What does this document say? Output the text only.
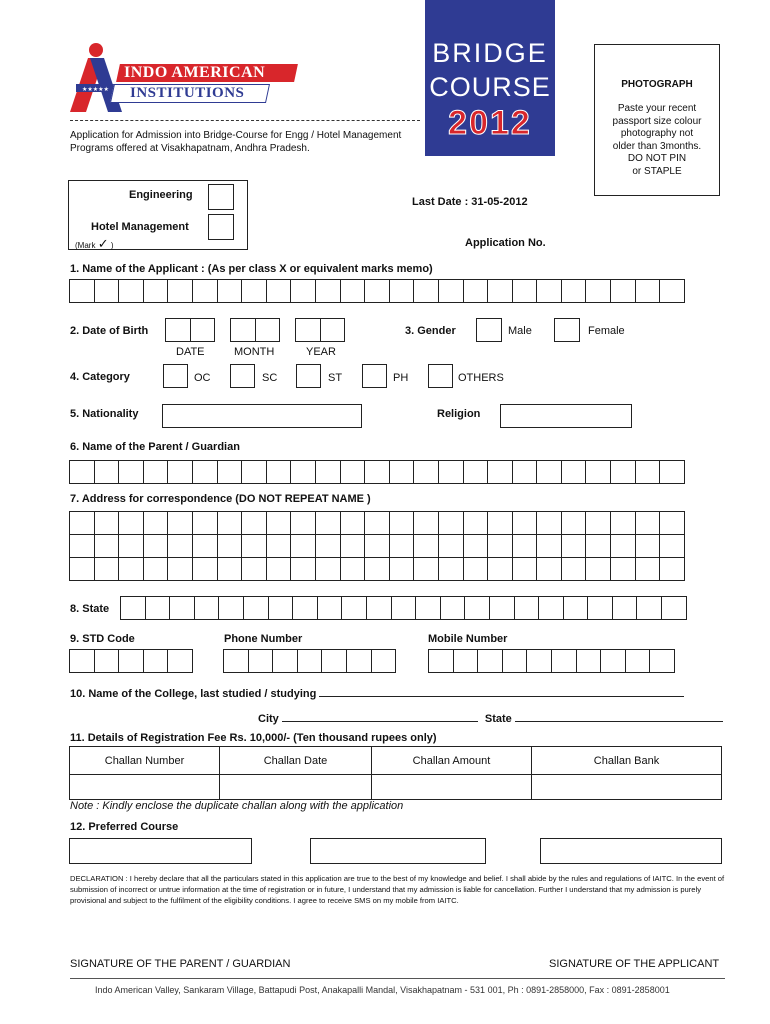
★★★★★
INDO AMERICAN
INSTITUTIONS
Application for Admission into Bridge-Course for Engg / Hotel Management
Programs offered at Visakhapatnam, Andhra Pradesh.
BRIDGE
COURSE
2012
PHOTOGRAPH
Paste your recent
passport size colour
photography not
older than 3months.
DO NOT PIN
or STAPLE
Engineering
Hotel Management
(Mark ✓ )
Last Date : 31-05-2012
Application No.
1. Name of the Applicant : (As per class X or equivalent marks memo)
2. Date of Birth
DATE	MONTH	YEAR
3. Gender	Male	Female
4. Category	OC	SC	ST	PH	OTHERS
5. Nationality	Religion
6. Name of the Parent / Guardian
7. Address for correspondence (DO NOT REPEAT NAME )
8. State
9. STD Code	Phone Number	Mobile Number
10. Name of the College, last studied / studying
City	State
11. Details of Registration Fee Rs. 10,000/- (Ten thousand rupees only)
Challan Number	Challan Date	Challan Amount	Challan Bank
Note : Kindly enclose the duplicate challan along with the application
12. Preferred Course
DECLARATION : I hereby declare that all the particulars stated in this application are true to the best of my knowledge and belief. I shall abide by the rules and regulations of IAITC. In the event of submission of incorrect or untrue information at the time of registration or in future, I understand that my admission is liable for cancellation. Further I understand that my admission is purely provisional and subject to the fulfilment of the eligibility conditions. I agree to receive SMS on my mobile from IAITC.
SIGNATURE OF THE PARENT / GUARDIAN	SIGNATURE OF THE APPLICANT
Indo American Valley, Sankaram Village, Battapudi Post, Anakapalli Mandal, Visakhapatnam - 531 001, Ph : 0891-2858000, Fax : 0891-2858001
